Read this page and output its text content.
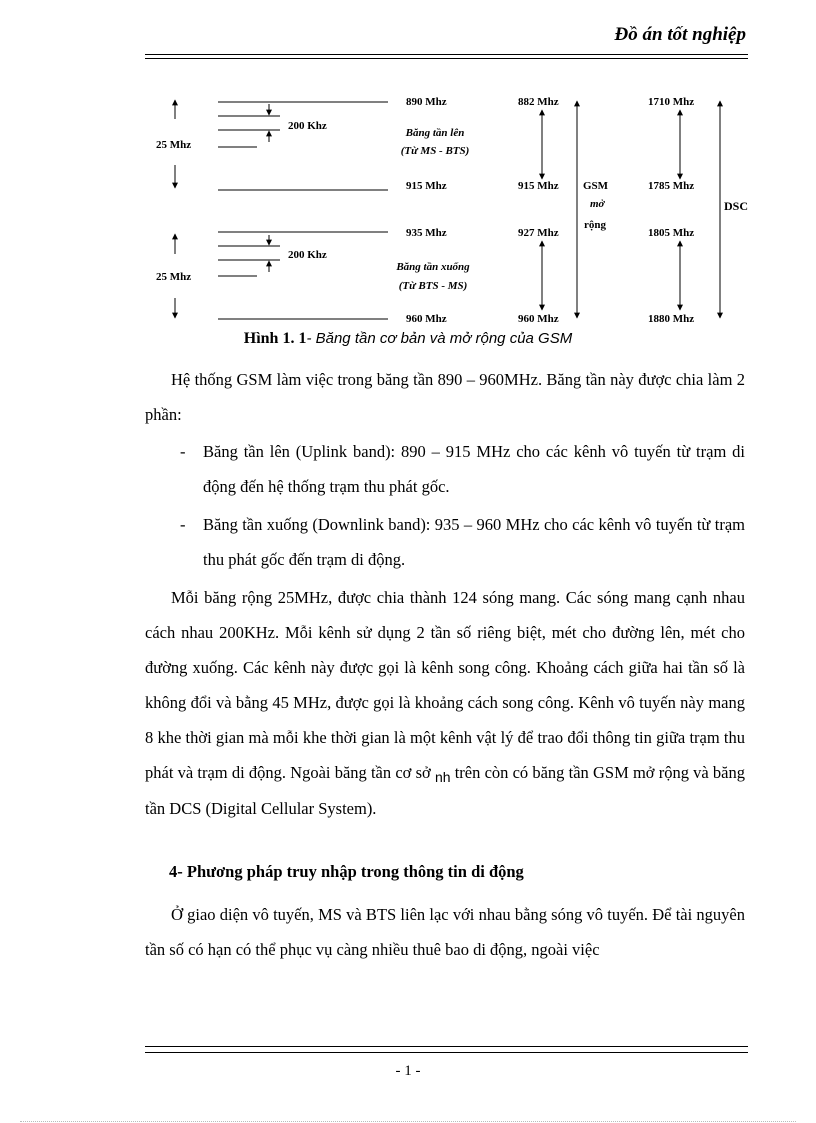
Đồ án tốt nghiệp
25 Mhz
200 Khz
Băng tần lên
(Từ MS - BTS)
25 Mhz
200 Khz
Băng tần xuống
(Từ BTS - MS)
890 Mhz
915 Mhz
935 Mhz
960 Mhz
882 Mhz
915 Mhz
927 Mhz
960 Mhz
GSM
mở
rộng
1710 Mhz
1785 Mhz
1805 Mhz
1880 Mhz
DSC
Hình 1. 1- Băng tần cơ bản và mở rộng của GSM
Hệ thống GSM làm việc trong băng tần 890 – 960MHz. Băng tần này được chia làm 2 phần:
- Băng tần lên (Uplink band): 890 – 915 MHz cho các kênh vô tuyến từ trạm di động đến hệ thống trạm thu phát gốc.
- Băng tần xuống (Downlink band): 935 – 960 MHz cho các kênh vô tuyến từ trạm thu phát gốc đến trạm di động.
Mỗi băng rộng 25MHz, được chia thành 124 sóng mang. Các sóng mang cạnh nhau cách nhau 200KHz. Mỗi kênh sử dụng 2 tần số riêng biệt, mét cho đường lên, mét cho đường xuống. Các kênh này được gọi là kênh song công. Khoảng cách giữa hai tần số là không đổi và bằng 45 MHz, được gọi là khoảng cách song công. Kênh vô tuyến này mang 8 khe thời gian mà mỗi khe thời gian là một kênh vật lý để trao đổi thông tin giữa trạm thu phát và trạm di động. Ngoài băng tần cơ sở $_{nh}$ trên còn có băng tần GSM mở rộng và băng tần DCS (Digital Cellular System).
4- Phương pháp truy nhập trong thông tin di động
Ở giao diện vô tuyến, MS và BTS liên lạc với nhau bằng sóng vô tuyến. Để tài nguyên tần số có hạn có thể phục vụ càng nhiều thuê bao di động, ngoài việc
- 1 -
